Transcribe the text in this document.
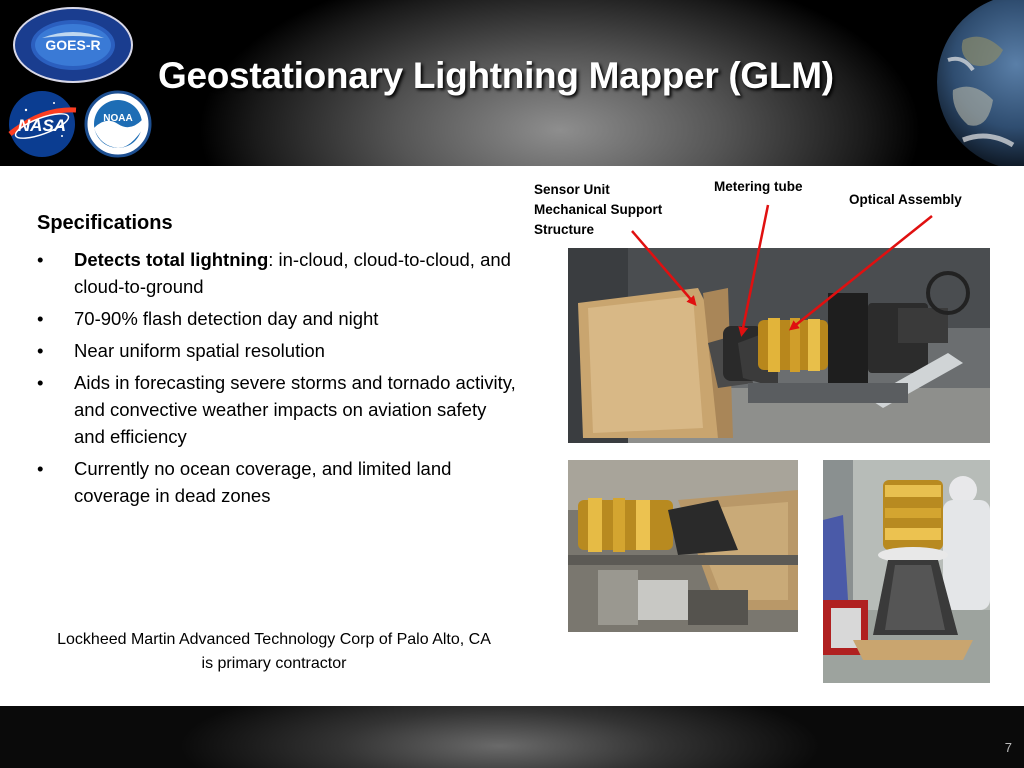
GOES-R
NASA	NOAA
Geostationary Lightning Mapper (GLM)
Specifications
• Detects total lightning: in-cloud, cloud-to-cloud, and cloud-to-ground
• 70-90% flash detection day and night
• Near uniform spatial resolution
• Aids in forecasting severe storms and tornado activity, and convective weather impacts on aviation safety and efficiency
• Currently no ocean coverage, and limited land coverage in dead zones
Lockheed Martin Advanced Technology Corp of Palo Alto, CA
is primary contractor
Sensor Unit
Mechanical Support
Structure
Metering tube
Optical Assembly
7
